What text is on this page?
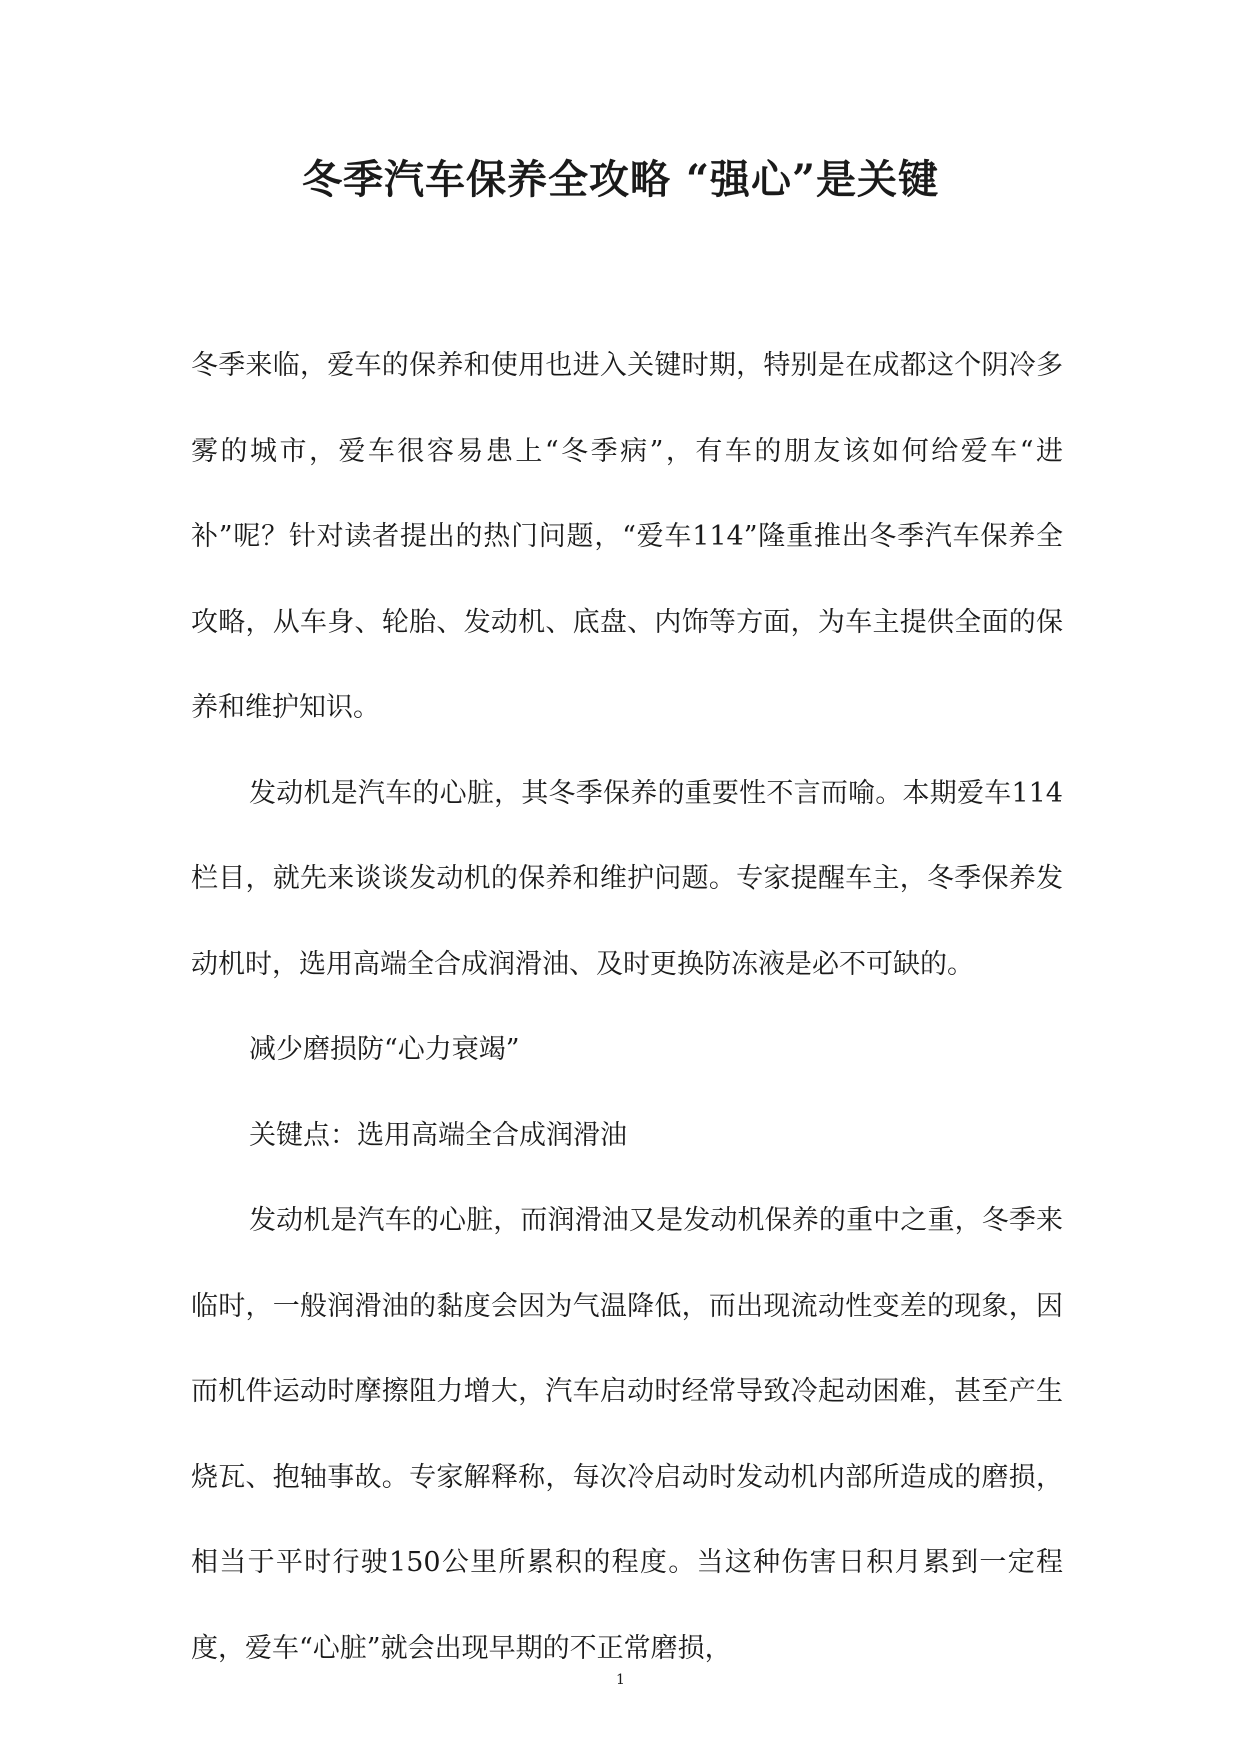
冬季汽车保养全攻略 “强心”是关键

冬季来临，爱车的保养和使用也进入关键时期，特别是在成都这个阴冷多雾的城市，爱车很容易患上“冬季病”，有车的朋友该如何给爱车“进补”呢？针对读者提出的热门问题，“爱车114”隆重推出冬季汽车保养全攻略，从车身、轮胎、发动机、底盘、内饰等方面，为车主提供全面的保养和维护知识。

发动机是汽车的心脏，其冬季保养的重要性不言而喻。本期爱车114栏目，就先来谈谈发动机的保养和维护问题。专家提醒车主，冬季保养发动机时，选用高端全合成润滑油、及时更换防冻液是必不可缺的。

减少磨损防“心力衰竭”

关键点：选用高端全合成润滑油

发动机是汽车的心脏，而润滑油又是发动机保养的重中之重，冬季来临时，一般润滑油的黏度会因为气温降低，而出现流动性变差的现象，因而机件运动时摩擦阻力增大，汽车启动时经常导致冷起动困难，甚至产生烧瓦、抱轴事故。专家解释称，每次冷启动时发动机内部所造成的磨损，相当于平时行驶150公里所累积的程度。当这种伤害日积月累到一定程度，爱车“心脏”就会出现早期的不正常磨损，

1
